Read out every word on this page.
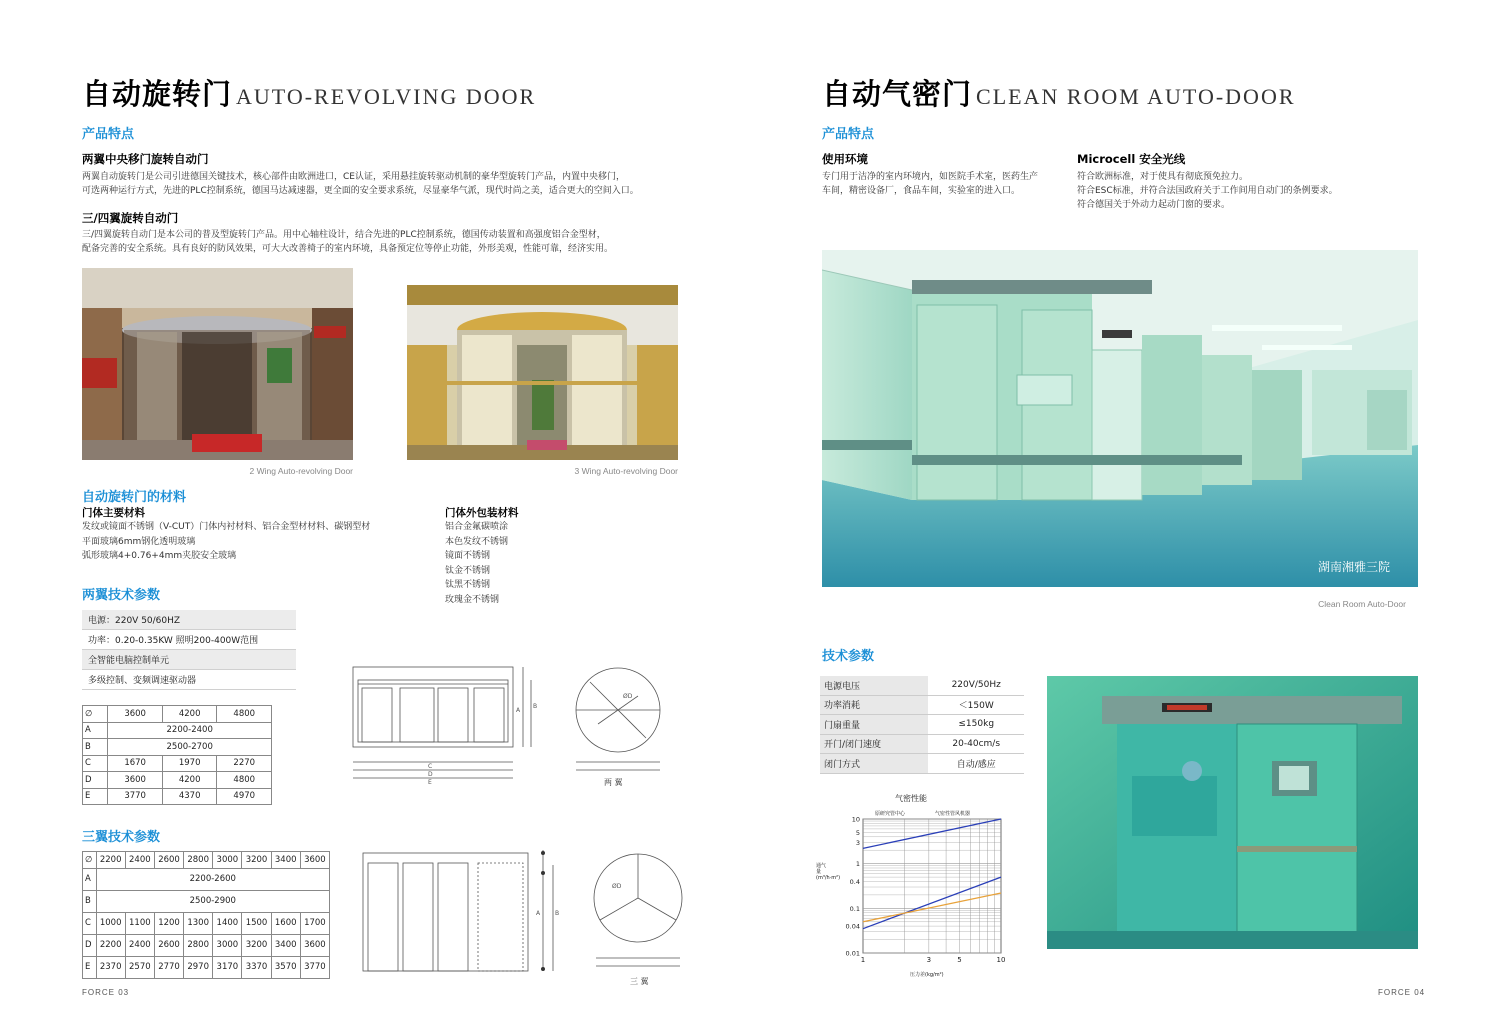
自动旋转门 AUTO-REVOLVING DOOR
产品特点
两翼中央移门旋转自动门
两翼自动旋转门是公司引进德国关键技术，核心部件由欧洲进口，CE认证，采用悬挂旋转驱动机制的豪华型旋转门产品，内置中央移门，
可选两种运行方式，先进的PLC控制系统，德国马达减速器，更全面的安全要求系统，尽显豪华气派，现代时尚之美，适合更大的空间入口。
三/四翼旋转自动门
三/四翼旋转自动门是本公司的普及型旋转门产品。用中心轴柱设计，结合先进的PLC控制系统，德国传动装置和高强度铝合金型材，
配备完善的安全系统。具有良好的防风效果，可大大改善椅子的室内环境，具备预定位等停止功能，外形美观，性能可靠，经济实用。
2 Wing Auto-revolving Door	3 Wing Auto-revolving Door
自动旋转门的材料
门体主要材料
发纹或镜面不锈钢（V-CUT）门体内衬材料、铝合金型材材料、碳钢型材
平面玻璃6mm钢化透明玻璃
弧形玻璃4+0.76+4mm夹胶安全玻璃
门体外包装材料
铝合金氟碳喷涂
本色发纹不锈钢
镜面不锈钢
钛金不锈钢
钛黑不锈钢
玫瑰金不锈钢
两翼技术参数
电源：220V 50/60HZ
功率：0.20-0.35KW 照明200-400W范围
全智能电脑控制单元
多级控制、变频调速驱动器
∅	3600	4200	4800
A	2200-2400		
B	2500-2700		
C	1670	1970	2270
D	3600	4200	4800
E	3770	4370	4970
C
D
E
A
B
ØD
两 翼
三翼技术参数
∅	2200	2400	2600	2800	3000	3200	3400	3600
A	2200-2600							
B	2500-2900							
C	1000	1100	1200	1300	1400	1500	1600	1700
D	2200	2400	2600	2800	3000	3200	3400	3600
E	2370	2570	2770	2970	3170	3370	3570	3770
A B
ØD
三 翼
FORCE 03
自动气密门 CLEAN ROOM AUTO-DOOR
产品特点
使用环境
专门用于洁净的室内环境内，如医院手术室，医药生产
车间，精密设备厂，食品车间，实验室的进入口。
Microcell 安全光线
符合欧洲标准，对于使具有彻底预免拉力。
符合ESC标准，并符合法国政府关于工作间用自动门的条例要求。
符合德国关于外动力起动门窗的要求。
湖南湘雅三院
Clean Room Auto-Door
技术参数
电源电压	220V/50Hz
功率消耗	＜150W
门扇重量	≤150kg
开门/闭门速度	20-40cm/s
闭门方式	自动/感应
气密性能
原研究管中心	气密性管风机器
通气量(m³/h·m²)
压力差(kg/m²)
1	3	5	10
10
5
3
1
0.4
0.1
0.04
0.01
FORCE 04
